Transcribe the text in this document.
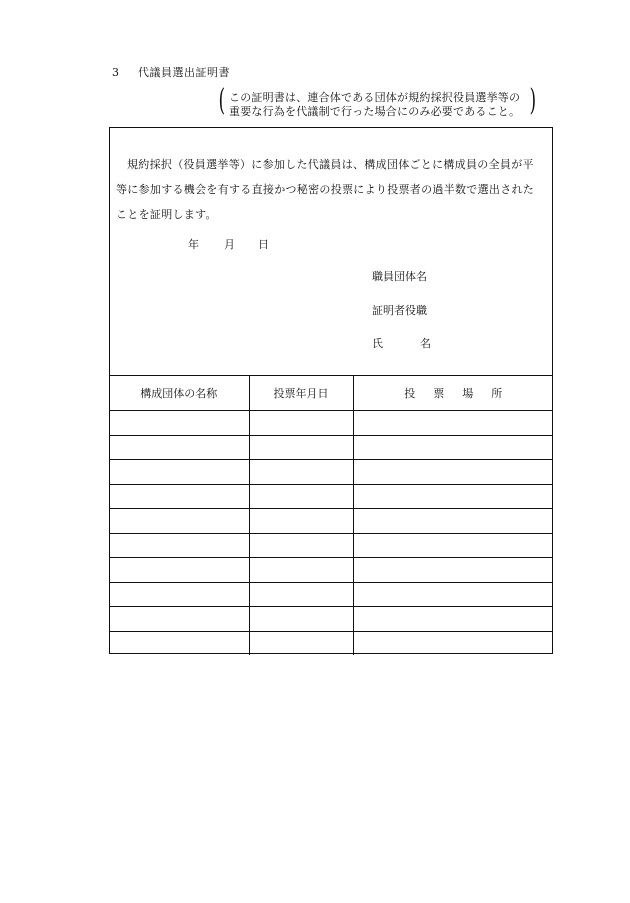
3 代議員選出証明書
( この証明書は、連合体である団体が規約採択役員選挙等の
重要な行為を代議制で行った場合にのみ必要であること。 )

規約採択（役員選挙等）に参加した代議員は、構成団体ごとに構成員の全員が平

等に参加する機会を有する直接かつ秘密の投票により投票者の過半数で選出された

ことを証明します。

年 月 日
職員団体名
証明者役職
氏	名
構成団体の名称	投票年月日	投票場所
